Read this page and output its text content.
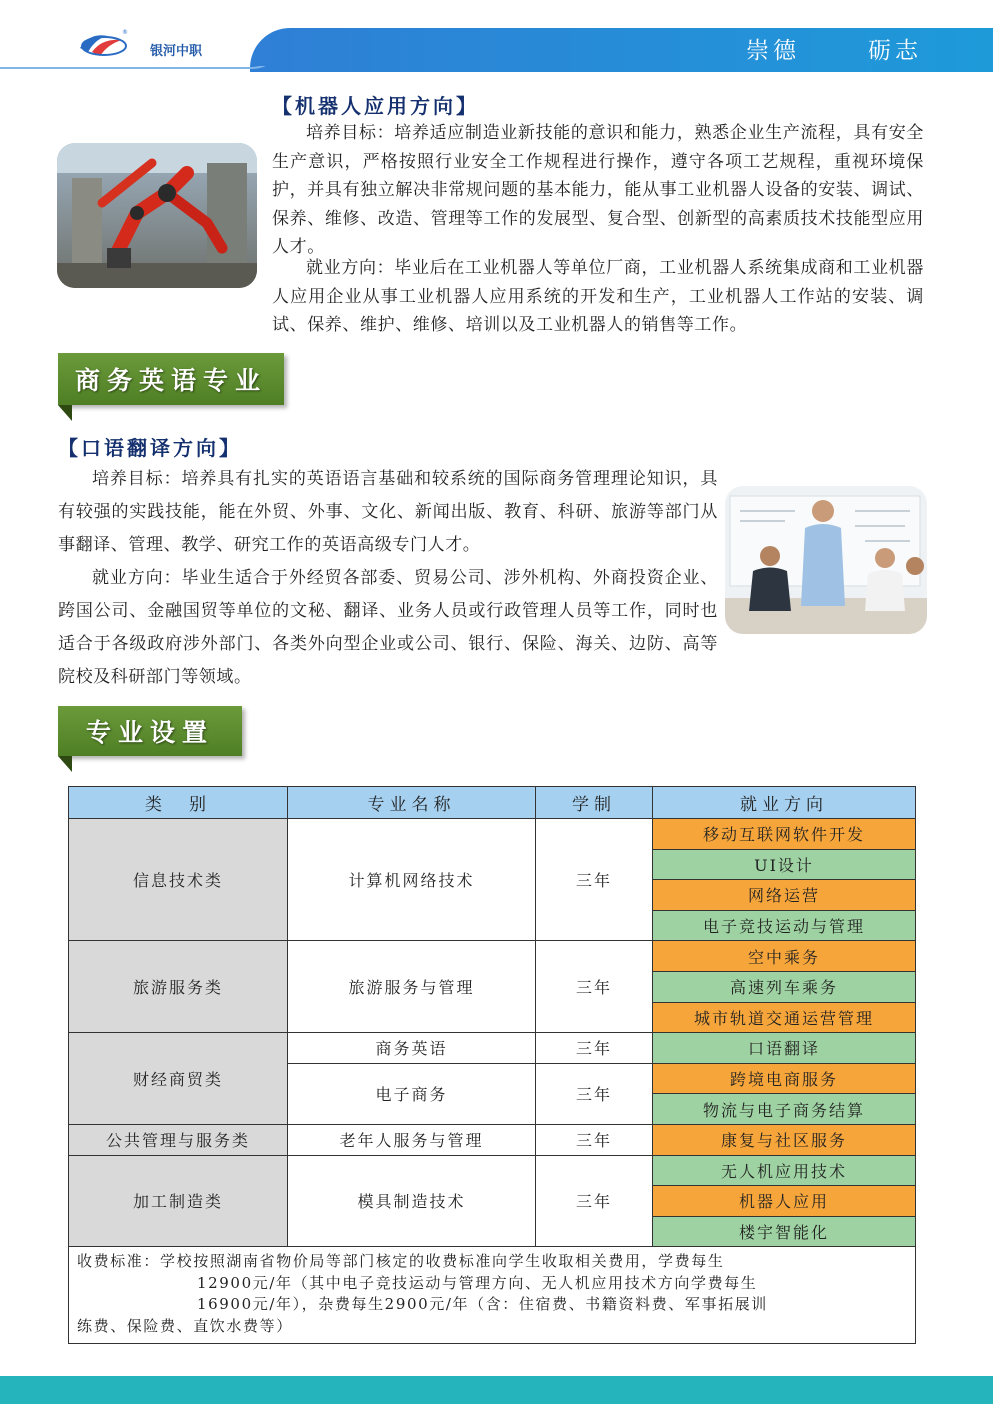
®
银河中职	崇德	砺志
【机器人应用方向】
培养目标：培养适应制造业新技能的意识和能力，熟悉企业生产流程，具有安全生产意识，严格按照行业安全工作规程进行操作，遵守各项工艺规程，重视环境保护，并具有独立解决非常规问题的基本能力，能从事工业机器人设备的安装、调试、保养、维修、改造、管理等工作的发展型、复合型、创新型的高素质技术技能型应用人才。
就业方向：毕业后在工业机器人等单位厂商，工业机器人系统集成商和工业机器人应用企业从事工业机器人应用系统的开发和生产，工业机器人工作站的安装、调试、保养、维护、维修、培训以及工业机器人的销售等工作。
商务英语专业
【口语翻译方向】
培养目标：培养具有扎实的英语语言基础和较系统的国际商务管理理论知识，具有较强的实践技能，能在外贸、外事、文化、新闻出版、教育、科研、旅游等部门从事翻译、管理、教学、研究工作的英语高级专门人才。
就业方向：毕业生适合于外经贸各部委、贸易公司、涉外机构、外商投资企业、跨国公司、金融国贸等单位的文秘、翻译、业务人员或行政管理人员等工作，同时也适合于各级政府涉外部门、各类外向型企业或公司、银行、保险、海关、边防、高等院校及科研部门等领域。
专业设置
类　别	专业名称	学制	就业方向
信息技术类	计算机网络技术	三年	移动互联网软件开发
			UI设计
			网络运营
			电子竞技运动与管理
旅游服务类	旅游服务与管理	三年	空中乘务
			高速列车乘务
			城市轨道交通运营管理
财经商贸类	商务英语	三年	口语翻译
	电子商务	三年	跨境电商服务
			物流与电子商务结算
公共管理与服务类	老年人服务与管理	三年	康复与社区服务
加工制造类	模具制造技术	三年	无人机应用技术
			机器人应用
			楼宇智能化
收费标准：学校按照湖南省物价局等部门核定的收费标准向学生收取相关费用，学费每生
12900元/年（其中电子竞技运动与管理方向、无人机应用技术方向学费每生
16900元/年），杂费每生2900元/年（含：住宿费、书籍资料费、军事拓展训
练费、保险费、直饮水费等）			
